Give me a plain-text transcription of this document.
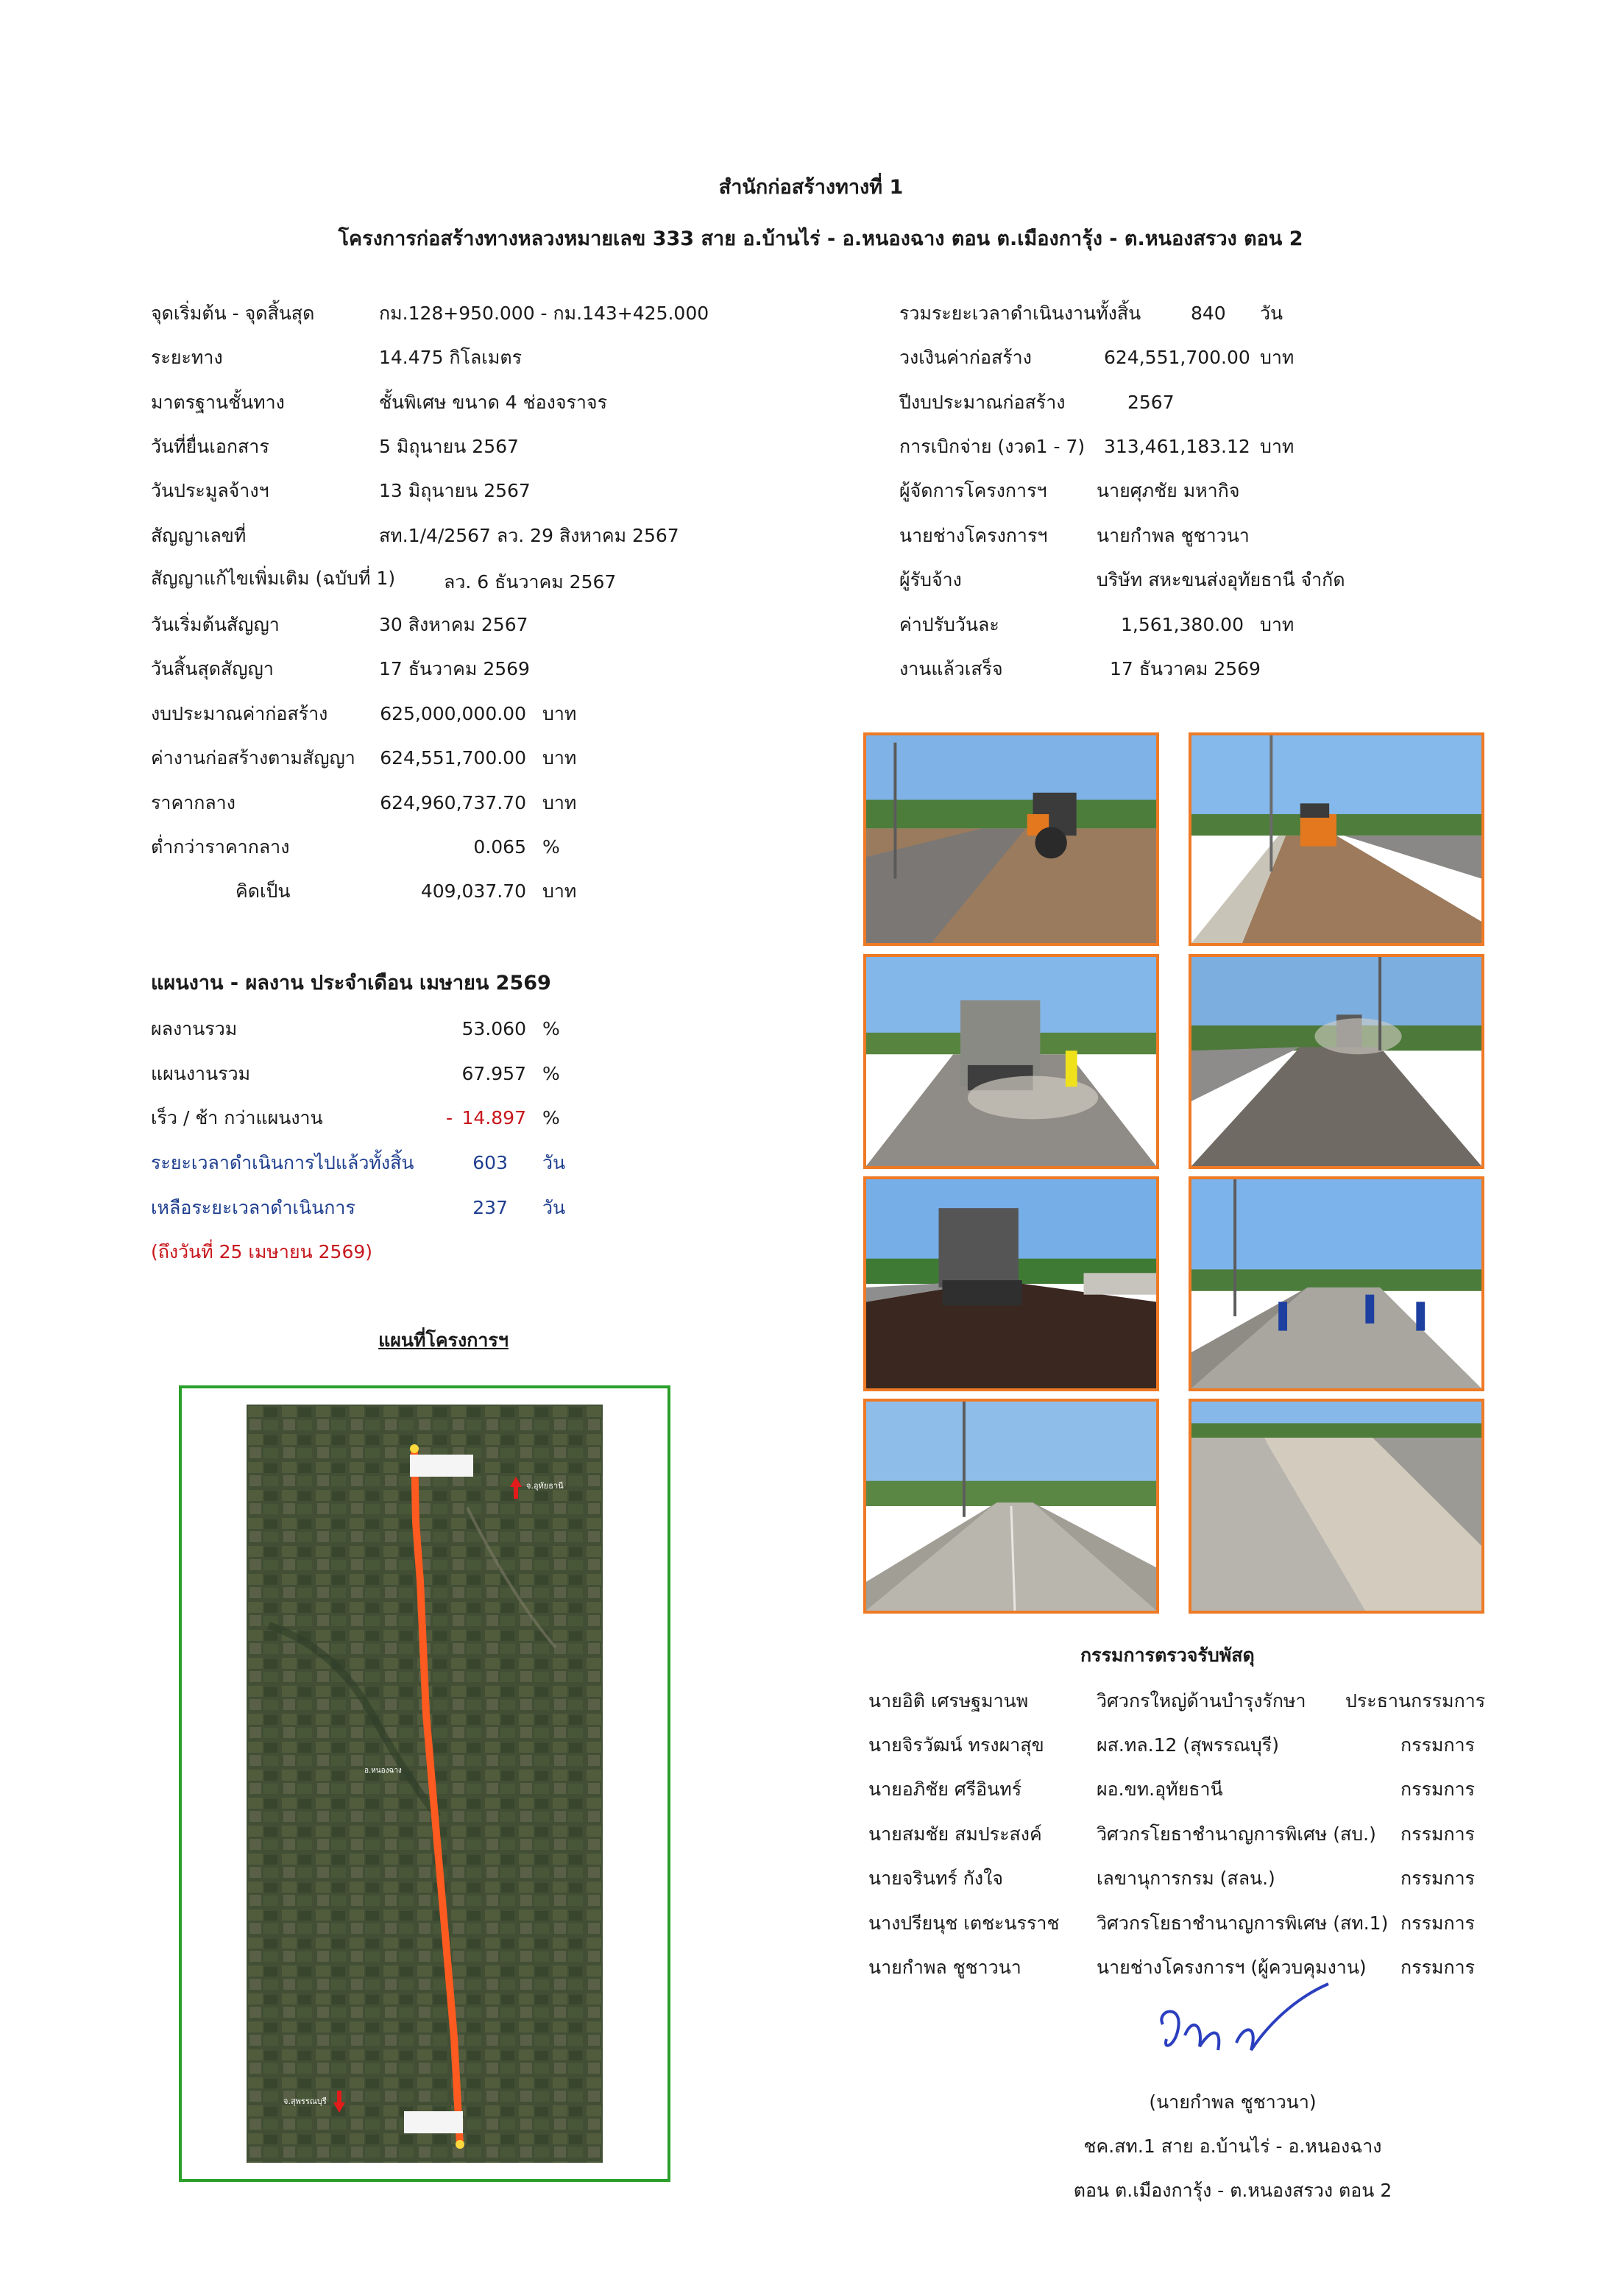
สำนักก่อสร้างทางที่ 1
โครงการก่อสร้างทางหลวงหมายเลข 333 สาย อ.บ้านไร่ - อ.หนองฉาง ตอน ต.เมืองการุ้ง - ต.หนองสรวง ตอน 2
จุดเริ่มต้น - จุดสิ้นสุด	กม.128+950.000 - กม.143+425.000
ระยะทาง	14.475 กิโลเมตร
มาตรฐานชั้นทาง	ชั้นพิเศษ ขนาด 4 ช่องจราจร
วันที่ยื่นเอกสาร	5 มิถุนายน 2567
วันประมูลจ้างฯ	13 มิถุนายน 2567
สัญญาเลขที่	สท.1/4/2567 ลว. 29 สิงหาคม 2567
สัญญาแก้ไขเพิ่มเติม (ฉบับที่ 1)	ลว. 6 ธันวาคม 2567
วันเริ่มต้นสัญญา	30 สิงหาคม 2567
วันสิ้นสุดสัญญา	17 ธันวาคม 2569
งบประมาณค่าก่อสร้าง	625,000,000.00 บาท
ค่างานก่อสร้างตามสัญญา 624,551,700.00 บาท
ราคากลาง	624,960,737.70 บาท
ต่ำกว่าราคากลาง	0.065 %
คิดเป็น	409,037.70 บาท
รวมระยะเวลาดำเนินงานทั้งสิ้น	840 วัน
วงเงินค่าก่อสร้าง	624,551,700.00 บาท
ปีงบประมาณก่อสร้าง	2567
การเบิกจ่าย (งวด1 - 7) 313,461,183.12 บาท
ผู้จัดการโครงการฯ	นายศุภชัย มหากิจ
นายช่างโครงการฯ	นายกำพล ชูชาวนา
ผู้รับจ้าง	บริษัท สหะขนส่งอุทัยธานี จำกัด
ค่าปรับวันละ	1,561,380.00 บาท
งานแล้วเสร็จ	17 ธันวาคม 2569
แผนงาน - ผลงาน ประจำเดือน เมษายน 2569
ผลงานรวม	53.060 %
แผนงานรวม	67.957 %
เร็ว / ช้า กว่าแผนงาน	- 14.897 %
ระยะเวลาดำเนินการไปแล้วทั้งสิ้น	603 วัน
เหลือระยะเวลาดำเนินการ	237 วัน
(ถึงวันที่ 25 เมษายน 2569)
แผนที่โครงการฯ
จ.อุทัยธานี
จ.สุพรรณบุรี
อ.หนองฉาง
กรรมการตรวจรับพัสดุ
นายอิติ เศรษฐมานพ	วิศวกรใหญ่ด้านบำรุงรักษา ประธานกรรมการ
นายจิรวัฒน์ ทรงผาสุข	ผส.ทล.12 (สุพรรณบุรี)	กรรมการ
นายอภิชัย ศรีอินทร์	ผอ.ขท.อุทัยธานี	กรรมการ
นายสมชัย สมประสงค์	วิศวกรโยธาชำนาญการพิเศษ (สบ.) กรรมการ
นายจรินทร์ กังใจ	เลขานุการกรม (สลน.)	กรรมการ
นางปรียนุช เตชะนรราช วิศวกรโยธาชำนาญการพิเศษ (สท.1) กรรมการ
นายกำพล ชูชาวนา	นายช่างโครงการฯ (ผู้ควบคุมงาน) กรรมการ
(นายกำพล ชูชาวนา)
ชค.สท.1 สาย อ.บ้านไร่ - อ.หนองฉาง
ตอน ต.เมืองการุ้ง - ต.หนองสรวง ตอน 2
